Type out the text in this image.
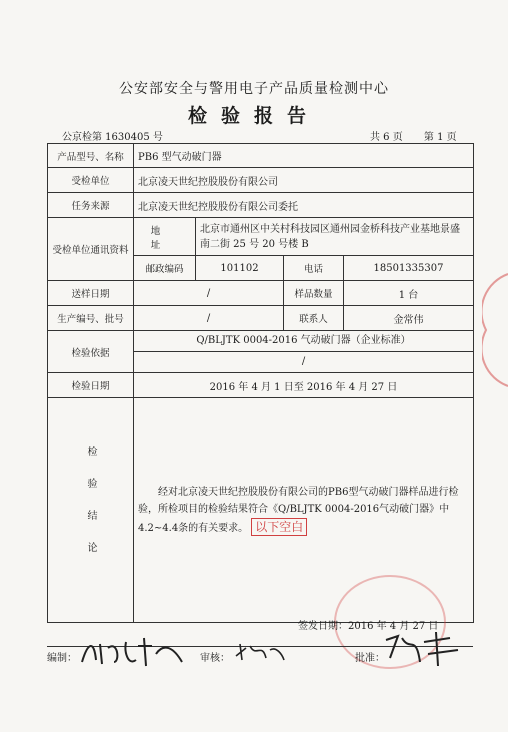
公安部安全与警用电子产品质量检测中心
检验报告
公京检第 1630405 号	共 6 页 第 1 页
产品型号、名称	PB6 型气动破门器			
受检单位	北京凌天世纪控股股份有限公司			
任务来源	北京凌天世纪控股股份有限公司委托			
受检单位通讯资料	地址	北京市通州区中关村科技园区通州园金桥科技产业基地景盛南二街 25 号 20 号楼 B		
	邮政编码	101102	电话	18501335307
送样日期	/		样品数量	1 台
生产编号、批号	/		联系人	金常伟
检验依据	Q/BLJTK 0004-2016 气动破门器（企业标准）
/			

检验日期	2016 年 4 月 1 日至 2016 年 4 月 27 日			
检验结论	经对北京凌天世纪控股股份有限公司的PB6型气动破门器样品进行检验，所检项目的检验结果符合《Q/BLJTK 0004-2016气动破门器》中4.2~4.4条的有关要求。 以下空白			
签发日期：2016 年 4 月 27 日
编制：	审核：	批准：
